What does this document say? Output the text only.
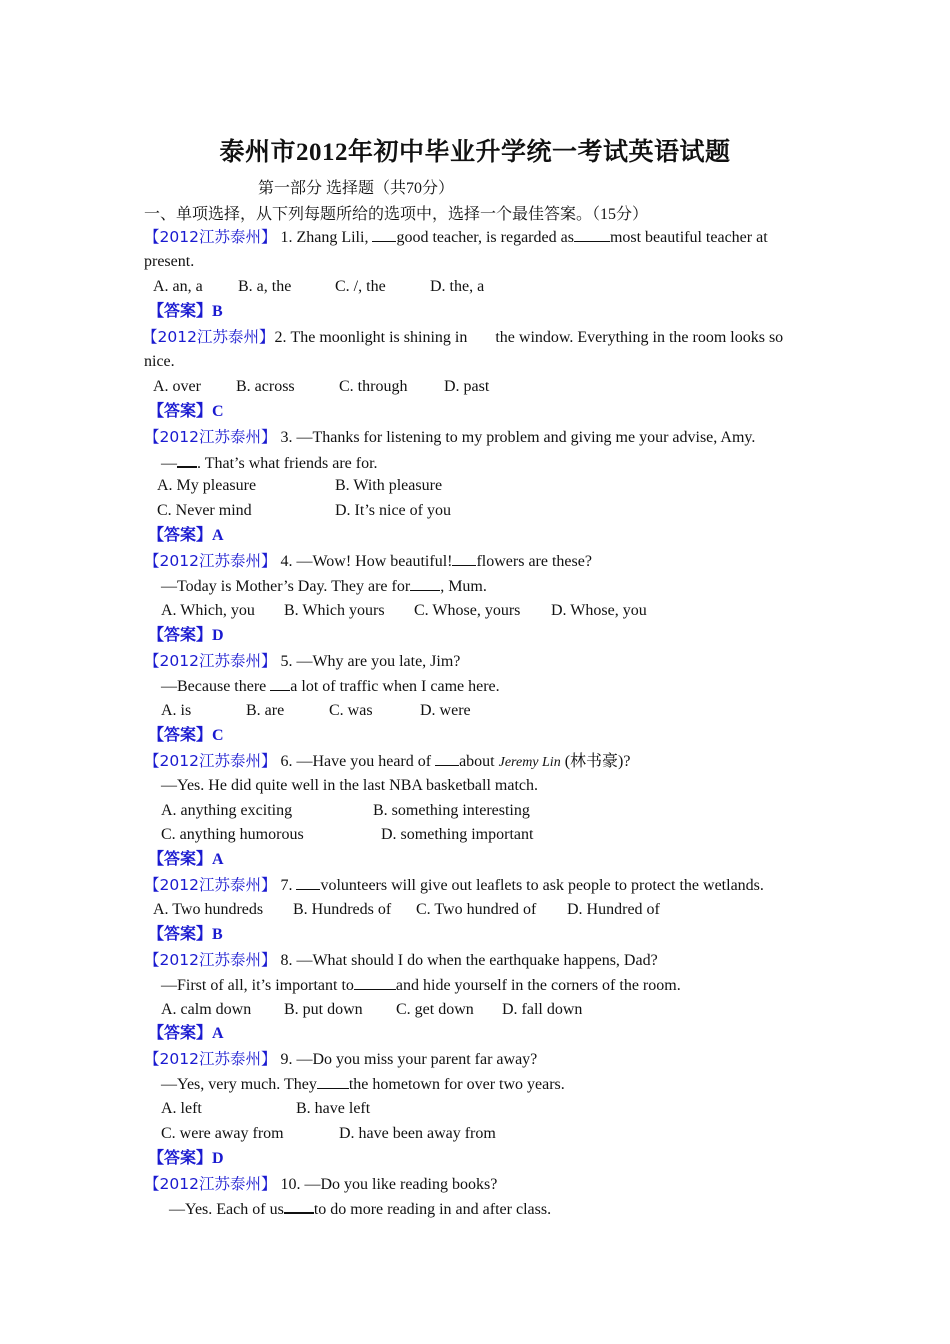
泰州市2012年初中毕业升学统一考试英语试题
第一部分 选择题（共70分）
一、单项选择，从下列每题所给的选项中，选择一个最佳答案。（15分）
【2012江苏泰州】 1. Zhang Lili, good teacher, is regarded as most beautiful teacher at
present.

A. an, a

B. a, the

	C. /, the

	D. the, a

【答案】B
【2012江苏泰州】2. The moonlight is shining in       the window. Everything in the room looks so
nice.

A. over

B. across

	C. through

D. past

【答案】C
【2012江苏泰州】 3. —Thanks for listening to my problem and giving me your advise, Amy.
— . That’s what friends are for.

A. My pleasure

	B. With pleasure

C. Never mind

	D. It’s nice of you

【答案】A
【2012江苏泰州】 4. —Wow! How beautiful! flowers are these?
—Today is Mother’s Day. They are for , Mum.

A. Which, you

B. Which yours

C. Whose, yours

D. Whose, you

【答案】D
【2012江苏泰州】 5. —Why are you late, Jim?
—Because there a lot of traffic when I came here.

A. is

	B. are

	C. was

	D. were

【答案】C
【2012江苏泰州】 6. —Have you heard of about Jeremy Lin (林书豪)?
—Yes. He did quite well in the last NBA basketball match.

A. anything exciting

	B. something interesting

C. anything humorous

	D. something important

【答案】A
【2012江苏泰州】 7. volunteers will give out leaflets to ask people to protect the wetlands.

A. Two hundreds

B. Hundreds of

C. Two hundred of

D. Hundred of

【答案】B
【2012江苏泰州】 8. —What should I do when the earthquake happens, Dad?
—First of all, it’s important to	and hide yourself in the corners of the room.

A. calm down

B. put down

C. get down

D. fall down

【答案】A
【2012江苏泰州】 9. —Do you miss your parent far away?
—Yes, very much. They the hometown for over two years.

A. left

	B. have left

C. were away from

	D. have been away from

【答案】D
【2012江苏泰州】 10. —Do you like reading books?
—Yes. Each of us to do more reading in and after class.
